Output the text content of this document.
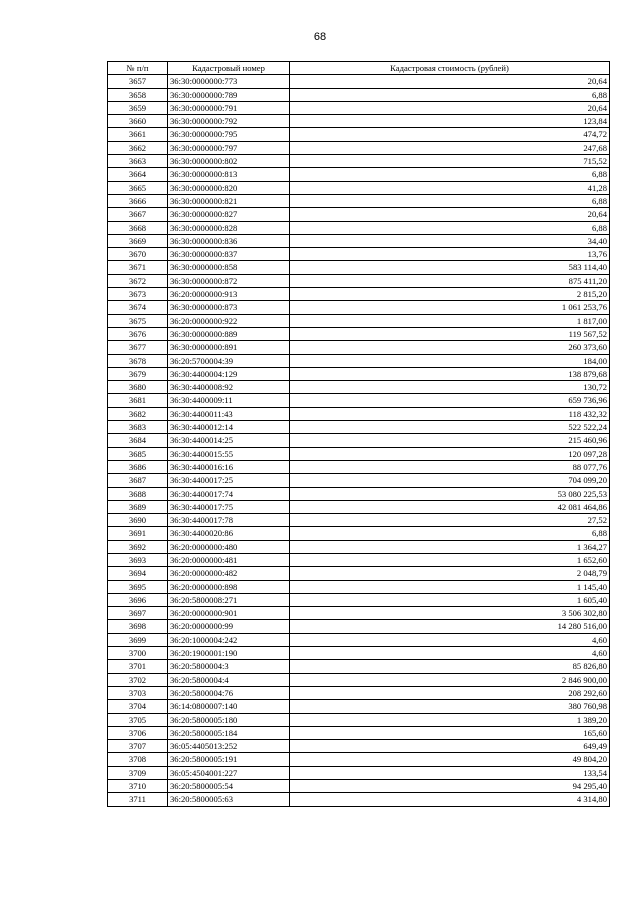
68
№ п/п	Кадастровый номер	Кадастровая стоимость (рублей)
3657	36:30:0000000:773	20,64
3658	36:30:0000000:789	6,88
3659	36:30:0000000:791	20,64
3660	36:30:0000000:792	123,84
3661	36:30:0000000:795	474,72
3662	36:30:0000000:797	247,68
3663	36:30:0000000:802	715,52
3664	36:30:0000000:813	6,88
3665	36:30:0000000:820	41,28
3666	36:30:0000000:821	6,88
3667	36:30:0000000:827	20,64
3668	36:30:0000000:828	6,88
3669	36:30:0000000:836	34,40
3670	36:30:0000000:837	13,76
3671	36:30:0000000:858	583 114,40
3672	36:30:0000000:872	875 411,20
3673	36:20:0000000:913	2 815,20
3674	36:30:0000000:873	1 061 253,76
3675	36:20:0000000:922	1 817,00
3676	36:30:0000000:889	119 567,52
3677	36:30:0000000:891	260 373,60
3678	36:20:5700004:39	184,00
3679	36:30:4400004:129	138 879,68
3680	36:30:4400008:92	130,72
3681	36:30:4400009:11	659 736,96
3682	36:30:4400011:43	118 432,32
3683	36:30:4400012:14	522 522,24
3684	36:30:4400014:25	215 460,96
3685	36:30:4400015:55	120 097,28
3686	36:30:4400016:16	88 077,76
3687	36:30:4400017:25	704 099,20
3688	36:30:4400017:74	53 080 225,53
3689	36:30:4400017:75	42 081 464,86
3690	36:30:4400017:78	27,52
3691	36:30:4400020:86	6,88
3692	36:20:0000000:480	1 364,27
3693	36:20:0000000:481	1 652,60
3694	36:20:0000000:482	2 048,79
3695	36:20:0000000:898	1 145,40
3696	36:20:5800008:271	1 605,40
3697	36:20:0000000:901	3 506 302,80
3698	36:20:0000000:99	14 280 516,00
3699	36:20:1000004:242	4,60
3700	36:20:1900001:190	4,60
3701	36:20:5800004:3	85 826,80
3702	36:20:5800004:4	2 846 900,00
3703	36:20:5800004:76	208 292,60
3704	36:14:0800007:140	380 760,98
3705	36:20:5800005:180	1 389,20
3706	36:20:5800005:184	165,60
3707	36:05:4405013:252	649,49
3708	36:20:5800005:191	49 804,20
3709	36:05:4504001:227	133,54
3710	36:20:5800005:54	94 295,40
3711	36:20:5800005:63	4 314,80
